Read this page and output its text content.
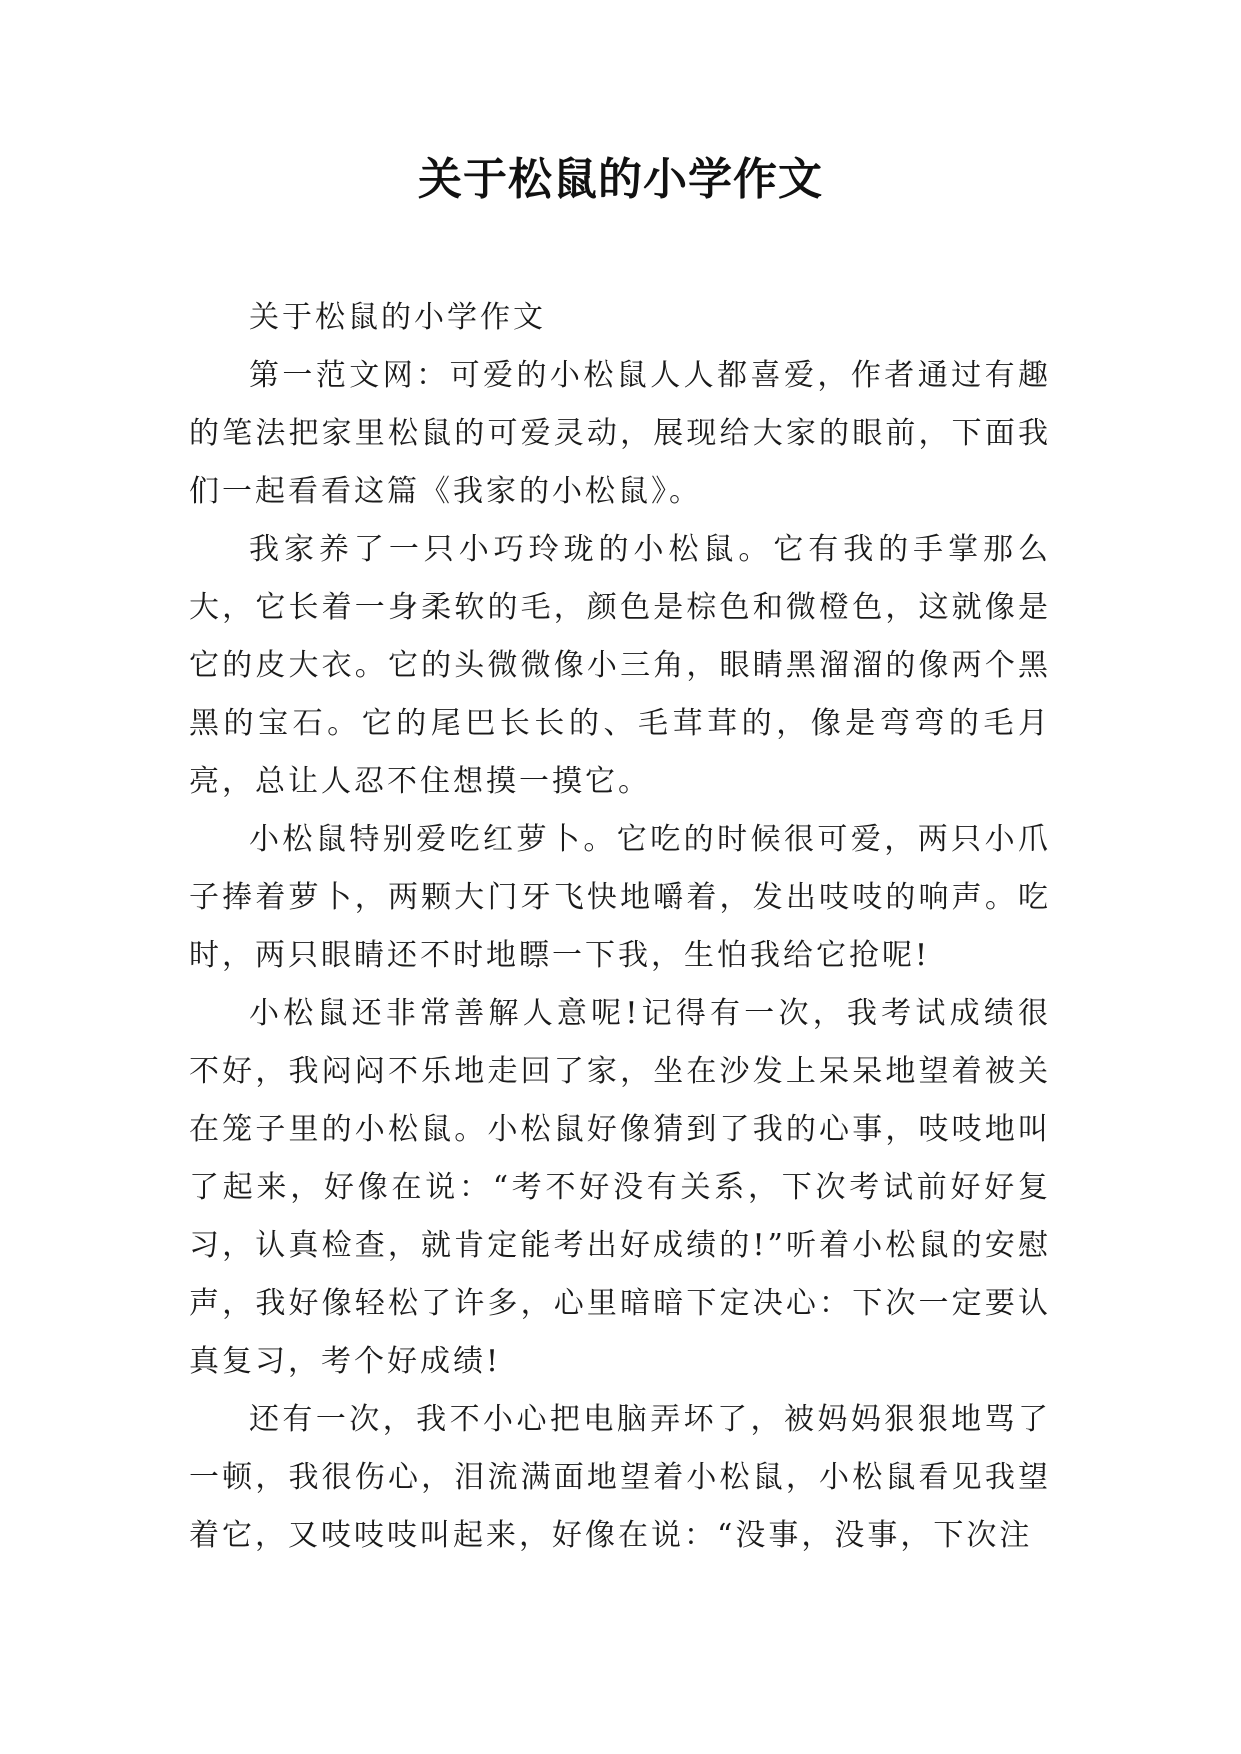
关于松鼠的小学作文

关于松鼠的小学作文

第一范文网：可爱的小松鼠人人都喜爱，作者通过有趣的笔法把家里松鼠的可爱灵动，展现给大家的眼前，下面我们一起看看这篇《我家的小松鼠》。

我家养了一只小巧玲珑的小松鼠。它有我的手掌那么大，它长着一身柔软的毛，颜色是棕色和微橙色，这就像是它的皮大衣。它的头微微像小三角，眼睛黑溜溜的像两个黑黑的宝石。它的尾巴长长的、毛茸茸的，像是弯弯的毛月亮，总让人忍不住想摸一摸它。

小松鼠特别爱吃红萝卜。它吃的时候很可爱，两只小爪子捧着萝卜，两颗大门牙飞快地嚼着，发出吱吱的响声。吃时，两只眼睛还不时地瞟一下我，生怕我给它抢呢!

小松鼠还非常善解人意呢!记得有一次，我考试成绩很不好，我闷闷不乐地走回了家，坐在沙发上呆呆地望着被关在笼子里的小松鼠。小松鼠好像猜到了我的心事，吱吱地叫了起来，好像在说：“考不好没有关系，下次考试前好好复习，认真检查，就肯定能考出好成绩的!”听着小松鼠的安慰声，我好像轻松了许多，心里暗暗下定决心：下次一定要认真复习，考个好成绩!

还有一次，我不小心把电脑弄坏了，被妈妈狠狠地骂了一顿，我很伤心，泪流满面地望着小松鼠，小松鼠看见我望着它，又吱吱吱叫起来，好像在说：“没事，没事，下次注
